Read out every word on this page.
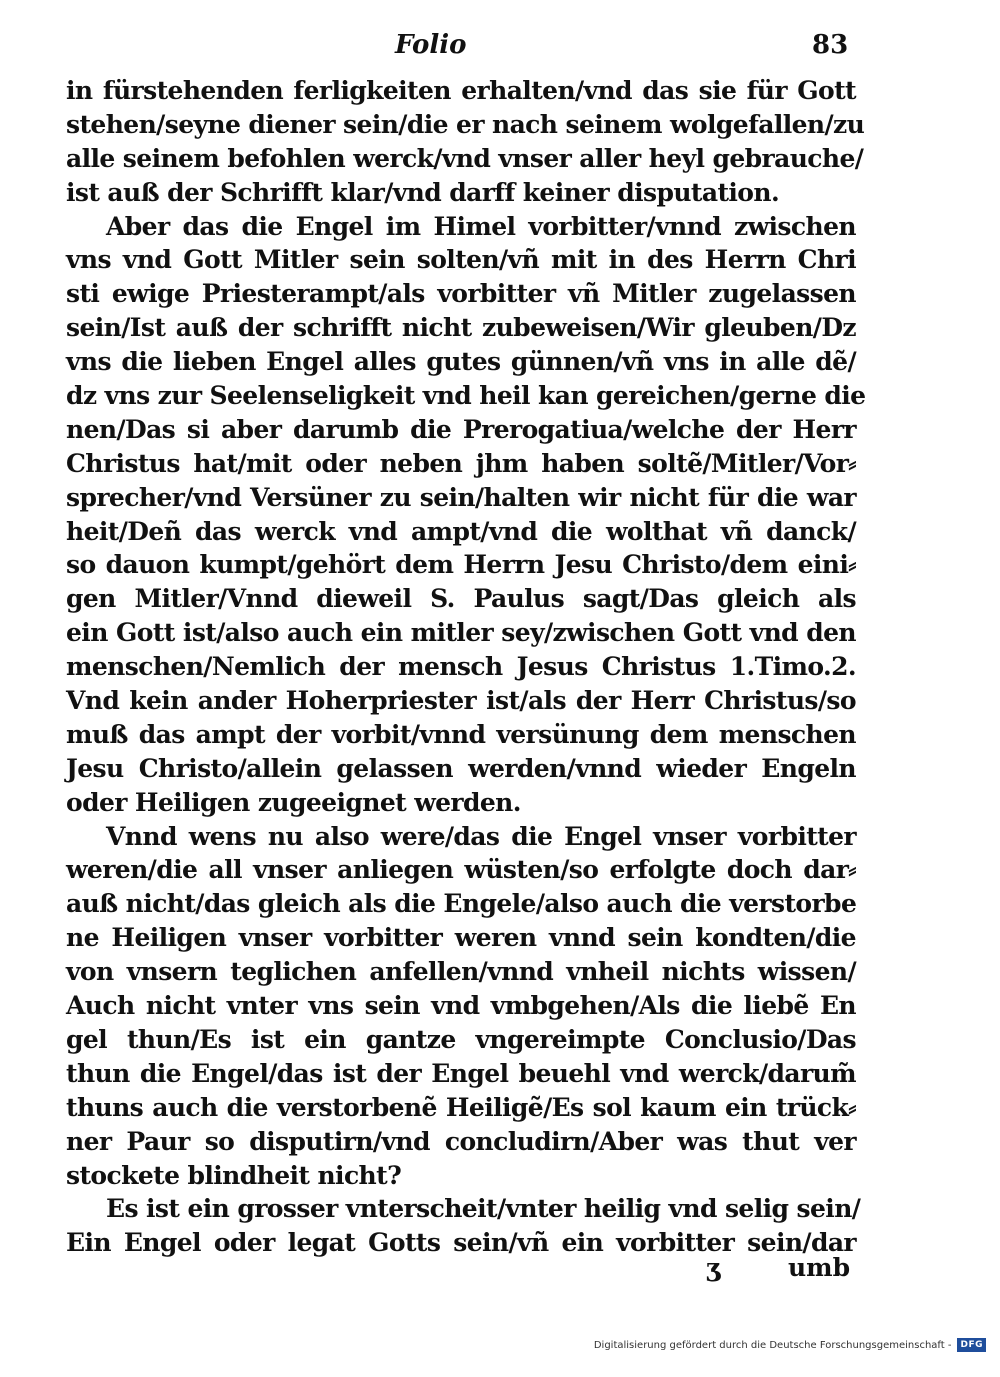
Folio	83
in fürstehenden ferligkeiten erhalten/vnd das sie für Gott
stehen/seyne diener sein/die er nach seinem wolgefallen/zu
alle seinem befohlen werck/vnd vnser aller heyl gebrauche/
ist auß der Schrifft klar/vnd darff keiner disputation.
Aber das die Engel im Himel vorbitter/vnnd zwischen
vns vnd Gott Mitler sein solten/vñ mit in des Herrn Chri
sti ewige Priesterampt/als vorbitter vñ Mitler zugelassen
sein/Ist auß der schrifft nicht zubeweisen/Wir gleuben/Dz
vns die lieben Engel alles gutes günnen/vñ vns in alle dẽ/
dz vns zur Seelenseligkeit vnd heil kan gereichen/gerne die
nen/Das si aber darumb die Prerogatiua/welche der Herr
Christus hat/mit oder neben jhm haben soltẽ/Mitler/Vor⸗
sprecher/vnd Versüner zu sein/halten wir nicht für die war
heit/Deñ das werck vnd ampt/vnd die wolthat vñ danck/
so dauon kumpt/gehört dem Herrn Jesu Christo/dem eini⸗
gen Mitler/Vnnd dieweil S. Paulus sagt/Das gleich als
ein Gott ist/also auch ein mitler sey/zwischen Gott vnd den
menschen/Nemlich der mensch Jesus Christus 1.Timo.2.
Vnd kein ander Hoherpriester ist/als der Herr Christus/so
muß das ampt der vorbit/vnnd versünung dem menschen
Jesu Christo/allein gelassen werden/vnnd wieder Engeln
oder Heiligen zugeeignet werden.
Vnnd wens nu also were/das die Engel vnser vorbitter
weren/die all vnser anliegen wüsten/so erfolgte doch dar⸗
auß nicht/das gleich als die Engele/also auch die verstorbe
ne Heiligen vnser vorbitter weren vnnd sein kondten/die
von vnsern teglichen anfellen/vnnd vnheil nichts wissen/
Auch nicht vnter vns sein vnd vmbgehen/Als die liebẽ En
gel thun/Es ist ein gantze vngereimpte Conclusio/Das
thun die Engel/das ist der Engel beuehl vnd werck/darum̃
thuns auch die verstorbenẽ Heiligẽ/Es sol kaum ein trück⸗
ner Paur so disputirn/vnd concludirn/Aber was thut ver
stockete blindheit nicht?
Es ist ein grosser vnterscheit/vnter heilig vnd selig sein/
Ein Engel oder legat Gotts sein/vñ ein vorbitter sein/dar
ʒ	umb
Digitalisierung gefördert durch die Deutsche Forschungsgemeinschaft -	DFG
